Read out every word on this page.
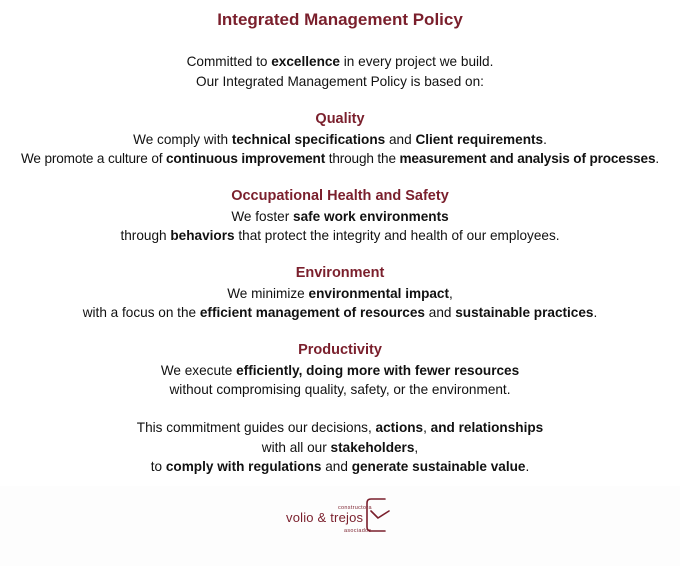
Integrated Management Policy
Committed to excellence in every project we build.
Our Integrated Management Policy is based on:
Quality
We comply with technical specifications and Client requirements.
We promote a culture of continuous improvement through the measurement and analysis of processes.
Occupational Health and Safety
We foster safe work environments
through behaviors that protect the integrity and health of our employees.
Environment
We minimize environmental impact,
with a focus on the efficient management of resources and sustainable practices.
Productivity
We execute efficiently, doing more with fewer resources
without compromising quality, safety, or the environment.
This commitment guides our decisions, actions, and relationships
with all our stakeholders,
to comply with regulations and generate sustainable value.
constructora
volio & trejos
asociados
